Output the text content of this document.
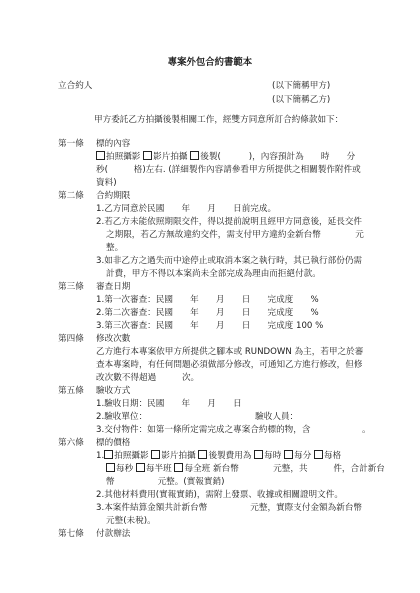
專案外包合約書範本
立合約人	(以下簡稱甲方)
(以下簡稱乙方)
甲方委託乙方拍攝後製相關工作，經雙方同意所訂合約條款如下：
第一條	標的內容
拍照攝影 影片拍攝 後製(	)，內容預計為　　時　　分
秒(　　　格)左右. (詳細製作內容請參看甲方所提供之相關製作附件或
資料)
第二條	合約期限
1.乙方同意於民國　　年　　月　　日前完成。
2.若乙方未能依照期限交件，得以提前說明且經甲方同意後，延長交件
之期限，若乙方無故違約交件，需支付甲方違約金新台幣　　　　元
整。
3.如非乙方之過失而中途停止或取消本案之執行時，其已執行部份仍需
計費，甲方不得以本案尚未全部完成為理由而拒絕付款。
第三條	審查日期
1.第一次審查：民國　　年　　月　　日　　完成度　　%
2.第二次審查：民國　　年　　月　　日　　完成度　　%
3.第三次審查：民國　　年　　月　　日　　完成度 100 %
第四條	修改次數
乙方進行本專案依甲方所提供之腳本或 RUNDOWN 為主，若甲之於審
查本專案時，有任何問題必須做部分修改，可通知乙方進行修改，但修
改次數不得超過　　　次。
第五條	驗收方式
1.驗收日期：民國　　年　　月　　日
2.驗收單位：	驗收人員：
3.交付物件：如第一條所定需完成之專案合約標的物，含　　　　　　。
第六條	標的價格
1. 拍照攝影 影片拍攝 後製費用為 每時 每分 每格
每秒 每半班 每全班 新台幣　　　　元整，共　　　件，合計新台
幣　　　　　元整。(實報實銷)
2.其他材料費用(實報實銷)，需附上發票、收據或相關證明文件。
3.本案件結算金額共計新台幣　　　　　元整，實際支付金額為新台幣
元整(未稅)。
第七條	付款辦法
